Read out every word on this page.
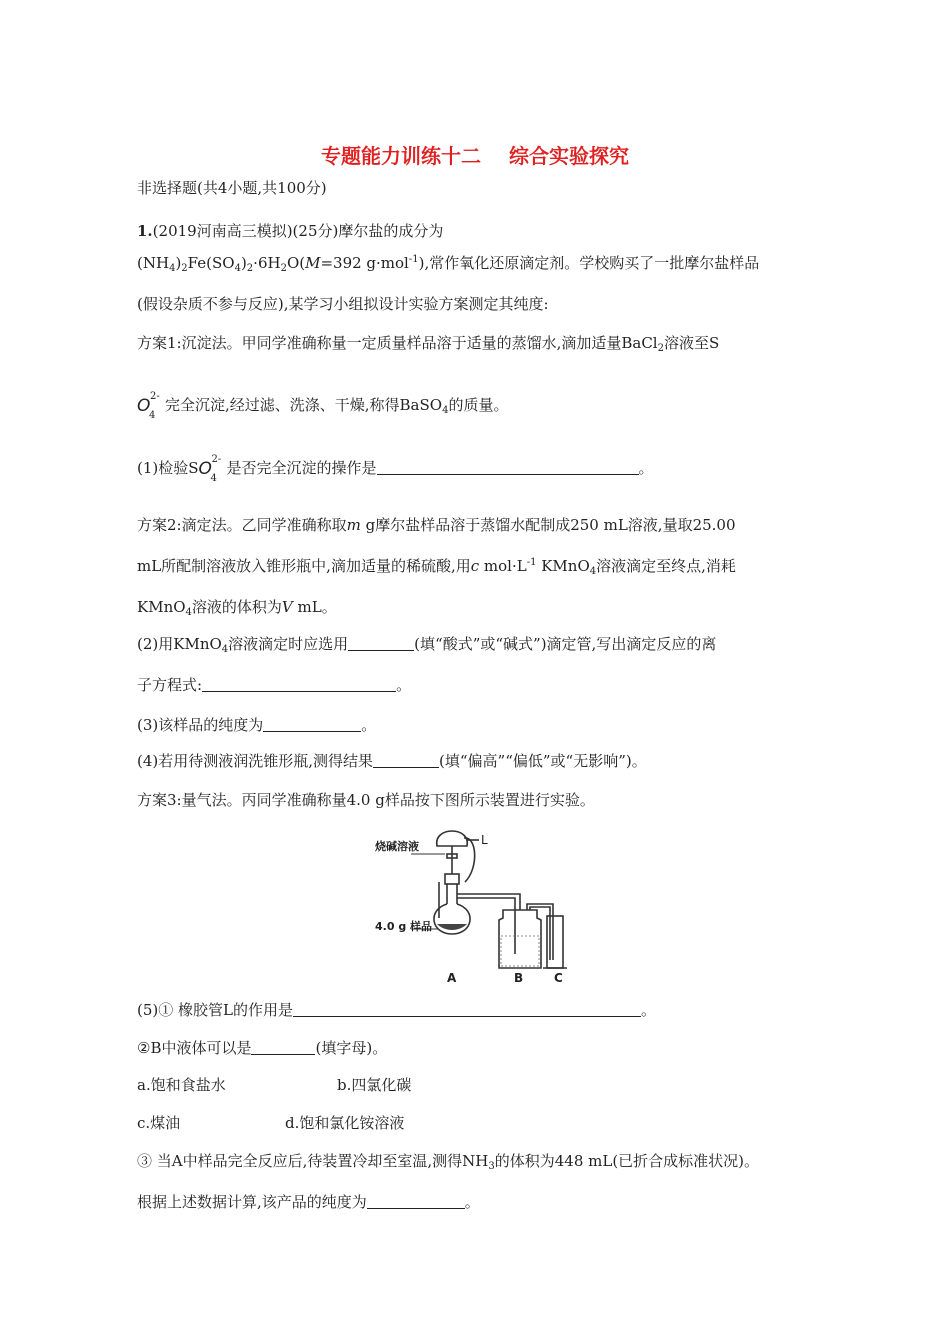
专题能力训练十二 综合实验探究
非选择题(共4小题,共100分)
1.(2019河南高三模拟)(25分)摩尔盐的成分为
$(NH_4)_2Fe(SO_4)_2\cdot 6H_2O(M=392$ g·mol$^{-1}$),常作氧化还原滴定剂。学校购买了一批摩尔盐样品
(假设杂质不参与反应),某学习小组拟设计实验方案测定其纯度:
方案1:沉淀法。甲同学准确称量一定质量样品溶于适量的蒸馏水,滴加适量BaCl$_2$溶液至S
O
4
2- 完全沉淀,经过滤、洗涤、干燥,称得BaSO$_4$的质量。
(1)检验S O
4
2- 是否完全沉淀的操作是	。
方案2:滴定法。乙同学准确称取m g摩尔盐样品溶于蒸馏水配制成250 mL溶液,量取25.00
mL所配制溶液放入锥形瓶中,滴加适量的稀硫酸,用c $mol\cdot L^{-1}$ KMnO$_4$溶液滴定至终点,消耗
KMnO$_4$溶液的体积为V mL。
(2)用KMnO$_4$溶液滴定时应选用	(填“酸式”或“碱式”)滴定管,写出滴定反应的离
子方程式:	。
(3)该样品的纯度为	。
(4)若用待测液润洗锥形瓶,测得结果	(填“偏高”“偏低”或“无影响”)。
方案3:量气法。丙同学准确称量4.0 g样品按下图所示装置进行实验。
烧碱溶液	L
4.0 g 样品
A	B	C
(5)① 橡胶管L的作用是	。
②B中液体可以是	(填字母)。
a.饱和食盐水	b.四氯化碳
c.煤油	d.饱和氯化铵溶液
③ 当A中样品完全反应后,待装置冷却至室温,测得$NH_3$的体积为448 mL(已折合成标准状况)。
根据上述数据计算,该产品的纯度为	。
